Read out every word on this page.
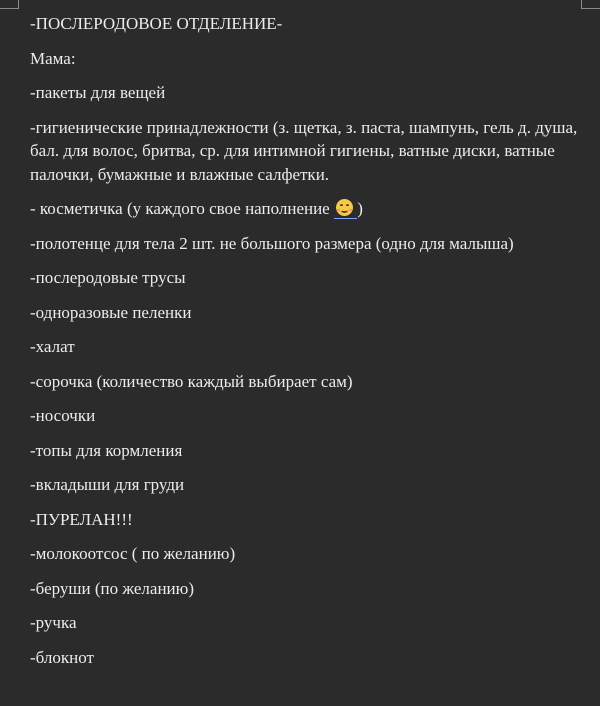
-ПОСЛЕРОДОВОЕ ОТДЕЛЕНИЕ-

Мама:

-пакеты для вещей

-гигиенические принадлежности (з. щетка, з. паста, шампунь, гель д. душа, бал. для волос, бритва, ср. для интимной гигиены, ватные диски, ватные палочки, бумажные и влажные салфетки.

- косметичка (у каждого свое наполнение )

-полотенце для тела 2 шт. не большого размера (одно для малыша)

-послеродовые трусы

-одноразовые пеленки

-халат

-сорочка (количество каждый выбирает сам)

-носочки

-топы для кормления

-вкладыши для груди

-ПУРЕЛАН!!!

-молокоотсос ( по желанию)

-беруши (по желанию)

-ручка

-блокнот
